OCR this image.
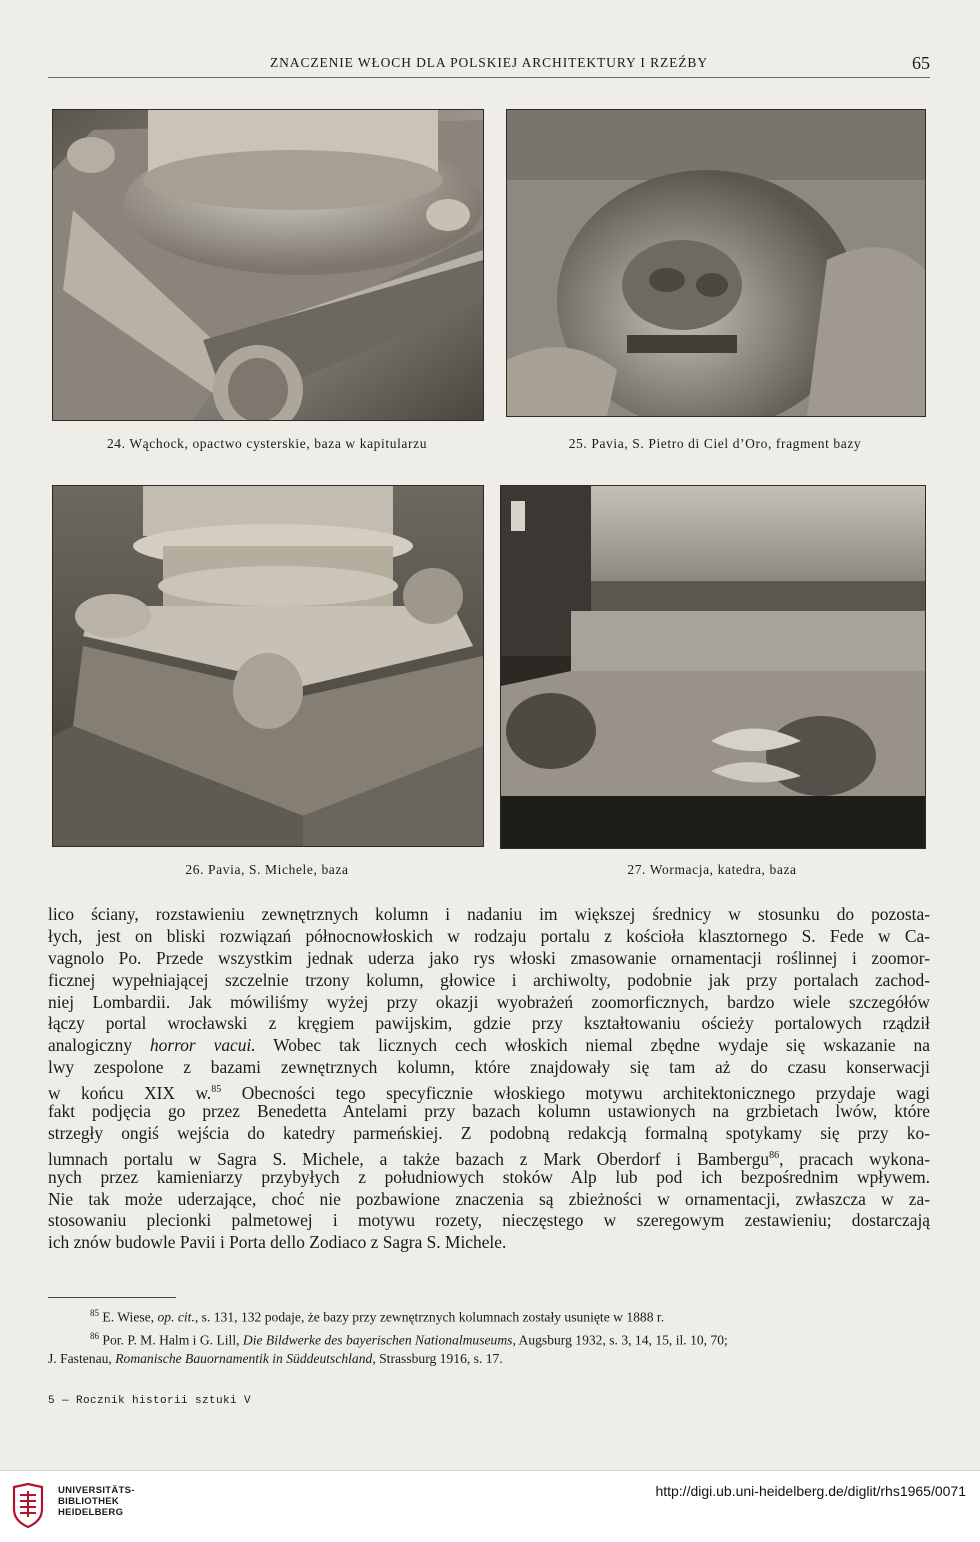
ZNACZENIE WŁOCH DLA POLSKIEJ ARCHITEKTURY I RZEŹBY	65
24. Wąchock, opactwo cysterskie, baza w kapitularzu	25. Pavia, S. Pietro di Ciel d’Oro, fragment bazy
26. Pavia, S. Michele, baza	27. Wormacja, katedra, baza
lico ściany, rozstawieniu zewnętrznych kolumn i nadaniu im większej średnicy w stosunku do pozosta-
łych, jest on bliski rozwiązań północnowłoskich w rodzaju portalu z kościoła klasztornego S. Fede w Ca-
vagnolo Po. Przede wszystkim jednak uderza jako rys włoski zmasowanie ornamentacji roślinnej i zoomor-
ficznej wypełniającej szczelnie trzony kolumn, głowice i archiwolty, podobnie jak przy portalach zachod-
niej Lombardii. Jak mówiliśmy wyżej przy okazji wyobrażeń zoomorficznych, bardzo wiele szczegółów
łączy portal wrocławski z kręgiem pawijskim, gdzie przy kształtowaniu ościeży portalowych rządził
analogiczny horror vacui. Wobec tak licznych cech włoskich niemal zbędne wydaje się wskazanie na
lwy zespolone z bazami zewnętrznych kolumn, które znajdowały się tam aż do czasu konserwacji
w końcu XIX w.$^{85}$ Obecności tego specyficznie włoskiego motywu architektonicznego przydaje wagi
fakt podjęcia go przez Benedetta Antelami przy bazach kolumn ustawionych na grzbietach lwów, które
strzegły ongiś wejścia do katedry parmeńskiej. Z podobną redakcją formalną spotykamy się przy ko-
lumnach portalu w Sagra S. Michele, a także bazach z Mark Oberdorf i Bambergu$^{86}$, pracach wykona-
nych przez kamieniarzy przybyłych z południowych stoków Alp lub pod ich bezpośrednim wpływem.
Nie tak może uderzające, choć nie pozbawione znaczenia są zbieżności w ornamentacji, zwłaszcza w za-
stosowaniu plecionki palmetowej i motywu rozety, nieczęstego w szeregowym zestawieniu; dostarczają
ich znów budowle Pavii i Porta dello Zodiaco z Sagra S. Michele.
$^{85}$ E. Wiese, op. cit., s. 131, 132 podaje, że bazy przy zewnętrznych kolumnach zostały usunięte w 1888 r.
$^{86}$ Por. P. M. Halm i G. Lill, Die Bildwerke des bayerischen Nationalmuseums, Augsburg 1932, s. 3, 14, 15, il. 10, 70;
J. Fastenau, Romanische Bauornamentik in Süddeutschland, Strassburg 1916, s. 17.
5 — Rocznik historii sztuki V
UNIVERSITÄTS-
BIBLIOTHEK
HEIDELBERG
http://digi.ub.uni-heidelberg.de/diglit/rhs1965/0071
